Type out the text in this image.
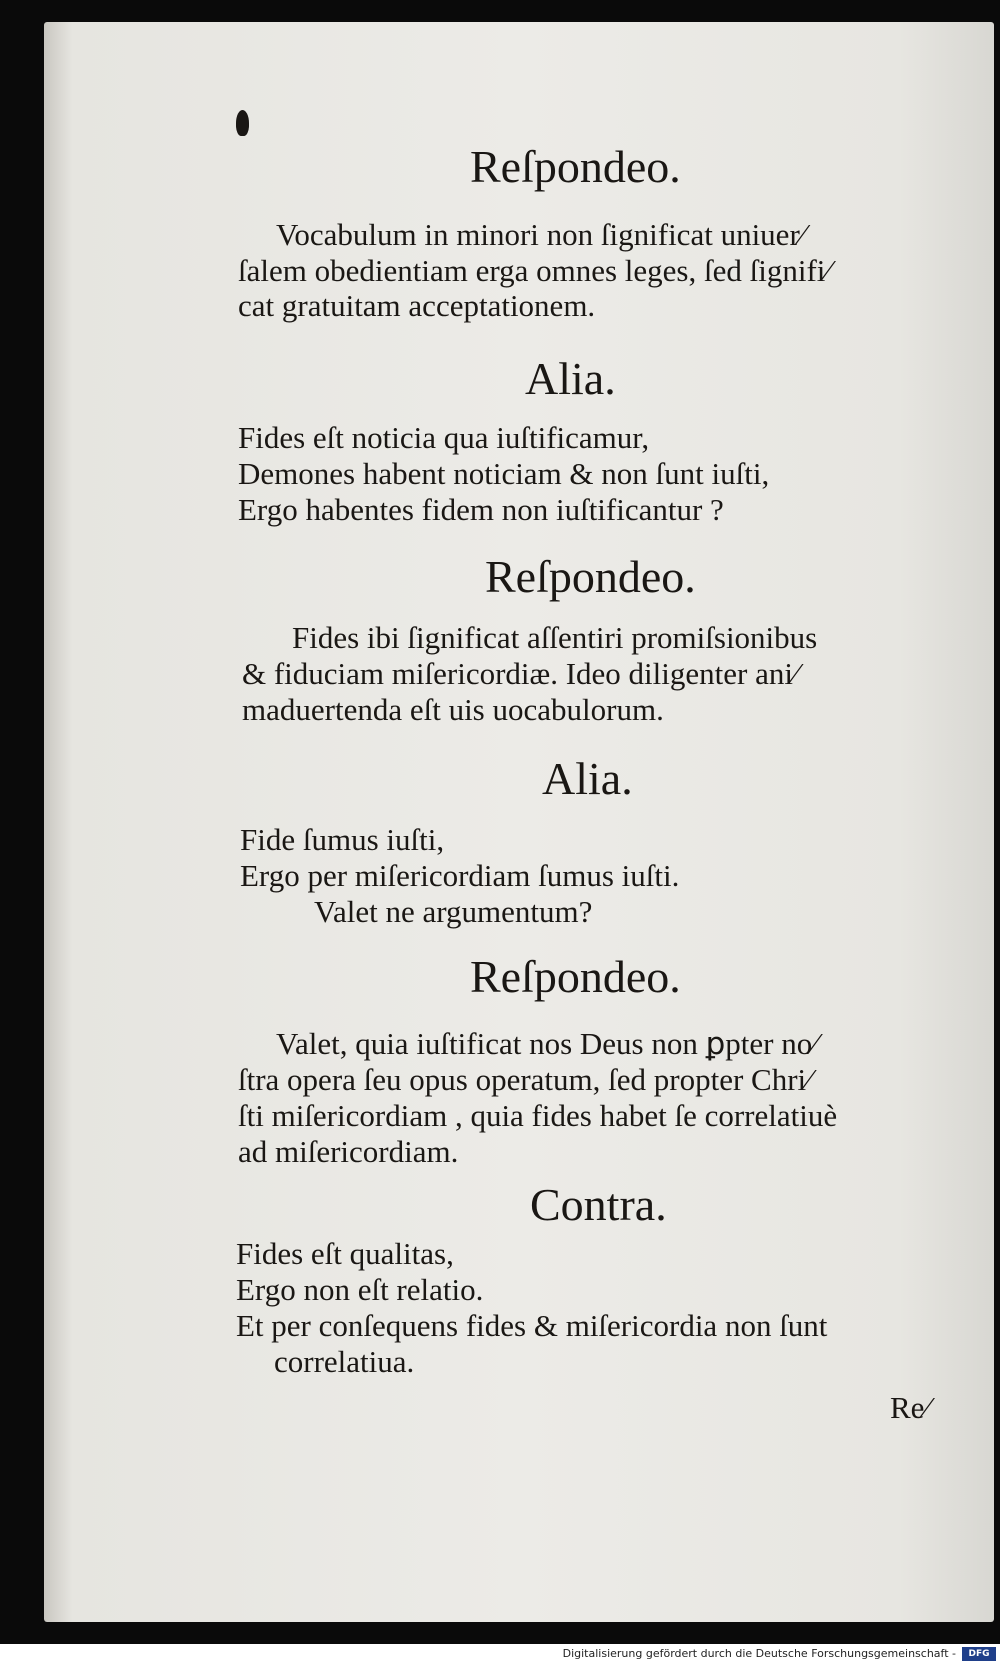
Reſpondeo.
Vocabulum in minori non ſignificat uniuer⁄
ſalem obedientiam erga omnes leges, ſed ſignifi⁄
cat gratuitam acceptationem.
Alia.
Fides eſt noticia qua iuſtificamur,
Demones habent noticiam & non ſunt iuſti,
Ergo habentes fidem non iuſtificantur ?
Reſpondeo.
Fides ibi ſignificat aſſentiri promiſsionibus
& fiduciam miſericordiæ. Ideo diligenter ani⁄
maduertenda eſt uis uocabulorum.
Alia.
Fide ſumus iuſti,
Ergo per miſericordiam ſumus iuſti.
Valet ne argumentum?
Reſpondeo.
Valet, quia iuſtificat nos Deus non ꝑpter no⁄
ſtra opera ſeu opus operatum, ſed propter Chri⁄
ſti miſericordiam , quia fides habet ſe correlatiuè
ad miſericordiam.
Contra.
Fides eſt qualitas,
Ergo non eſt relatio.
Et per conſequens fides & miſericordia non ſunt
correlatiua.
Re⁄
Digitalisierung gefördert durch die Deutsche Forschungsgemeinschaft -	DFG
